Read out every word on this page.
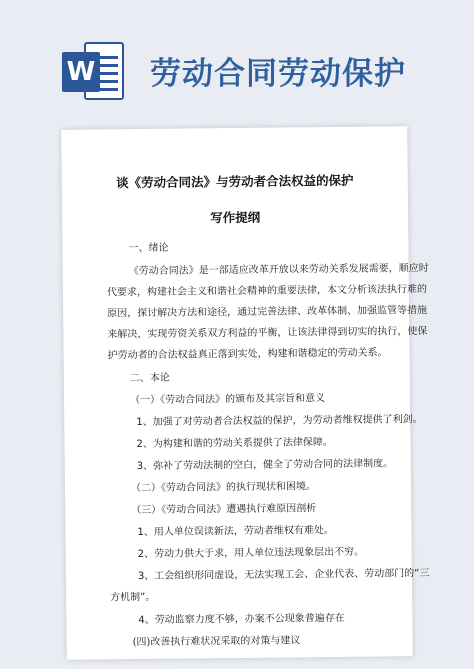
W 劳动合同劳动保护
谈《劳动合同法》与劳动者合法权益的保护
写作提纲
一、绪论
《劳动合同法》是一部适应改革开放以来劳动关系发展需要，顺应时
代要求，构建社会主义和谐社会精神的重要法律，本文分析该法执行难的
原因，探讨解决方法和途径，通过完善法律、改革体制、加强监管等措施
来解决，实现劳资关系双方利益的平衡，让该法律得到切实的执行，使保
护劳动者的合法权益真正落到实处，构建和谐稳定的劳动关系。
二、本论
（一）《劳动合同法》的颁布及其宗旨和意义
1、加强了对劳动者合法权益的保护，为劳动者维权提供了利剑。
2、为构建和谐的劳动关系提供了法律保障。
3、弥补了劳动法制的空白，健全了劳动合同的法律制度。
（二）《劳动合同法》的执行现状和困境。
（三）《劳动合同法》遭遇执行难原因剖析
1、用人单位误读新法，劳动者维权有难处。
2、劳动力供大于求，用人单位违法现象层出不穷。
3、工会组织形同虚设，无法实现工会、企业代表、劳动部门的“三
方机制”。
4、劳动监察力度不够，办案不公现象普遍存在
(四)改善执行难状况采取的对策与建议
